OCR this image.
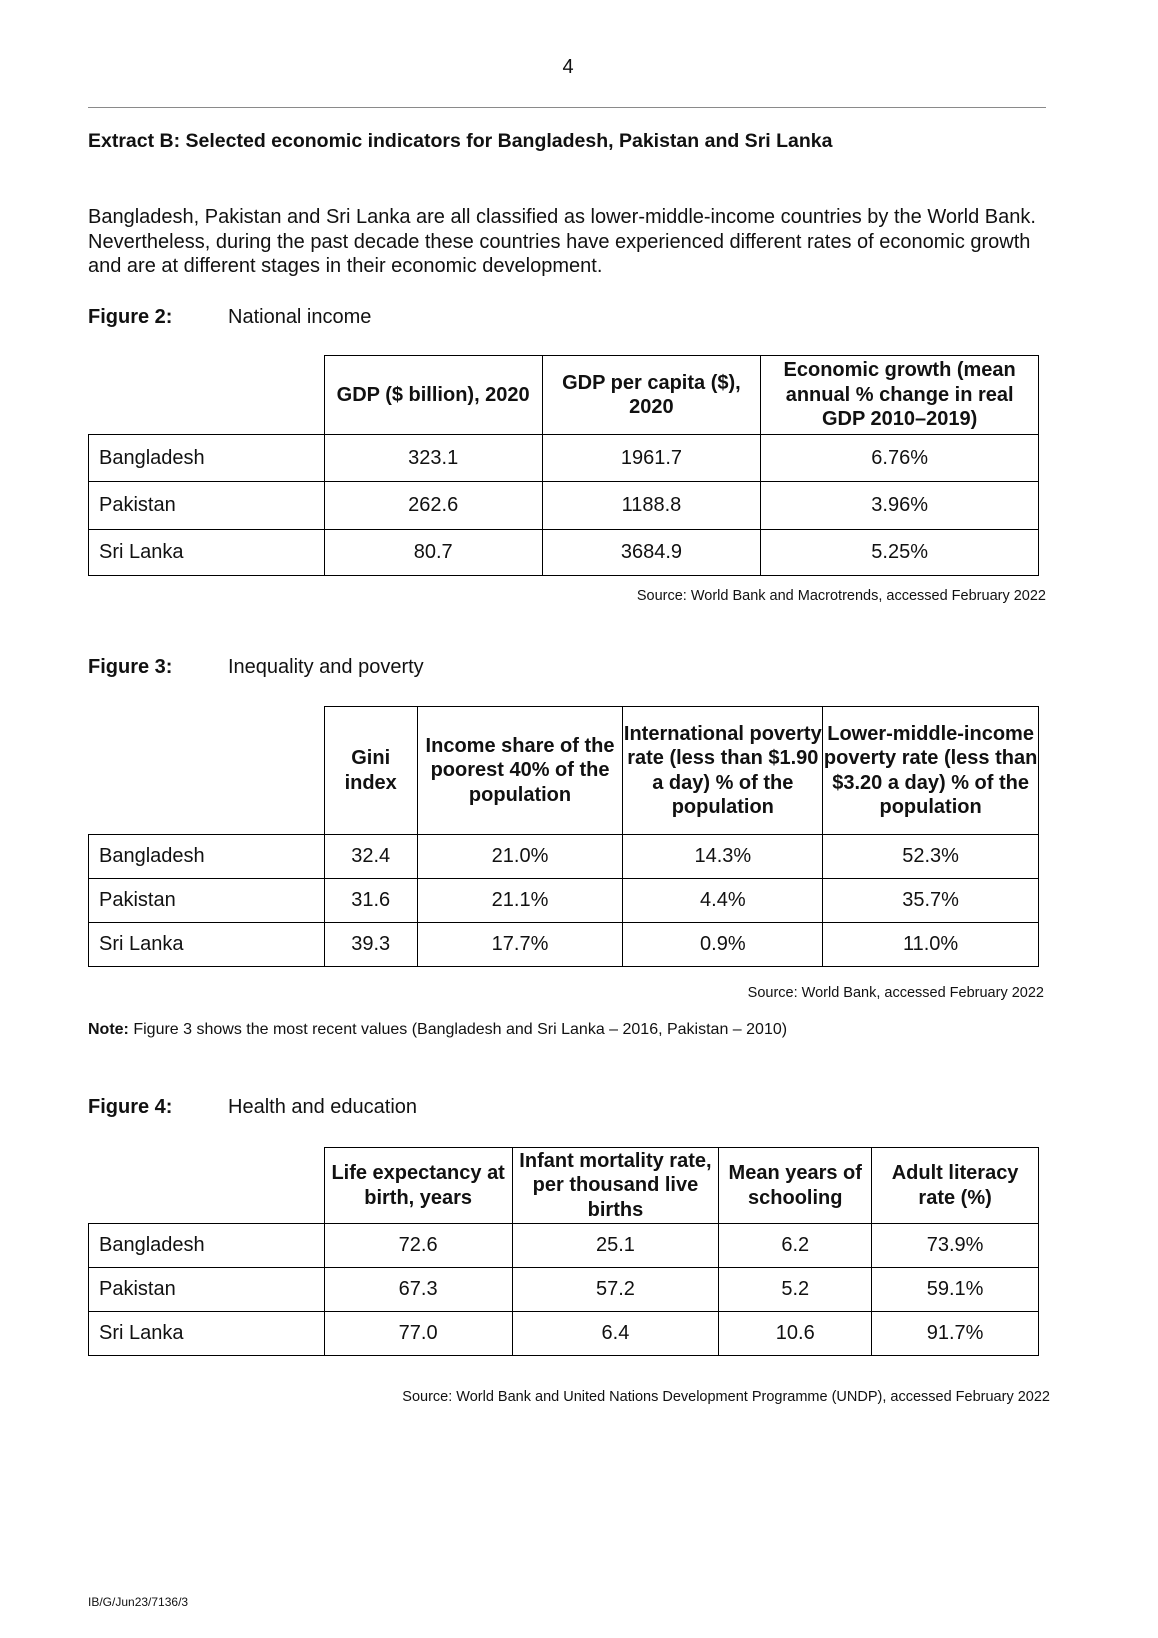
4
Extract B: Selected economic indicators for Bangladesh, Pakistan and Sri Lanka
Bangladesh, Pakistan and Sri Lanka are all classified as lower-middle-income countries by the World Bank. Nevertheless, during the past decade these countries have experienced different rates of economic growth and are at different stages in their economic development.
Figure 2:	National income
	GDP ($ billion), 2020	GDP per capita ($), 2020	Economic growth (mean annual % change in real GDP 2010–2019)
Bangladesh	323.1	1961.7	6.76%
Pakistan	262.6	1188.8	3.96%
Sri Lanka	80.7	3684.9	5.25%
Source: World Bank and Macrotrends, accessed February 2022
Figure 3:	Inequality and poverty
	Gini index	Income share of the poorest 40% of the population	International poverty rate (less than $1.90 a day) % of the population	Lower-middle-income poverty rate (less than $3.20 a day) % of the population
Bangladesh	32.4	21.0%	14.3%	52.3%
Pakistan	31.6	21.1%	4.4%	35.7%
Sri Lanka	39.3	17.7%	0.9%	11.0%
Source: World Bank, accessed February 2022
Note: Figure 3 shows the most recent values (Bangladesh and Sri Lanka – 2016, Pakistan – 2010)
Figure 4:	Health and education
	Life expectancy at birth, years	Infant mortality rate, per thousand live births	Mean years of schooling	Adult literacy rate (%)
Bangladesh	72.6	25.1	6.2	73.9%
Pakistan	67.3	57.2	5.2	59.1%
Sri Lanka	77.0	6.4	10.6	91.7%
Source: World Bank and United Nations Development Programme (UNDP), accessed February 2022
IB/G/Jun23/7136/3
